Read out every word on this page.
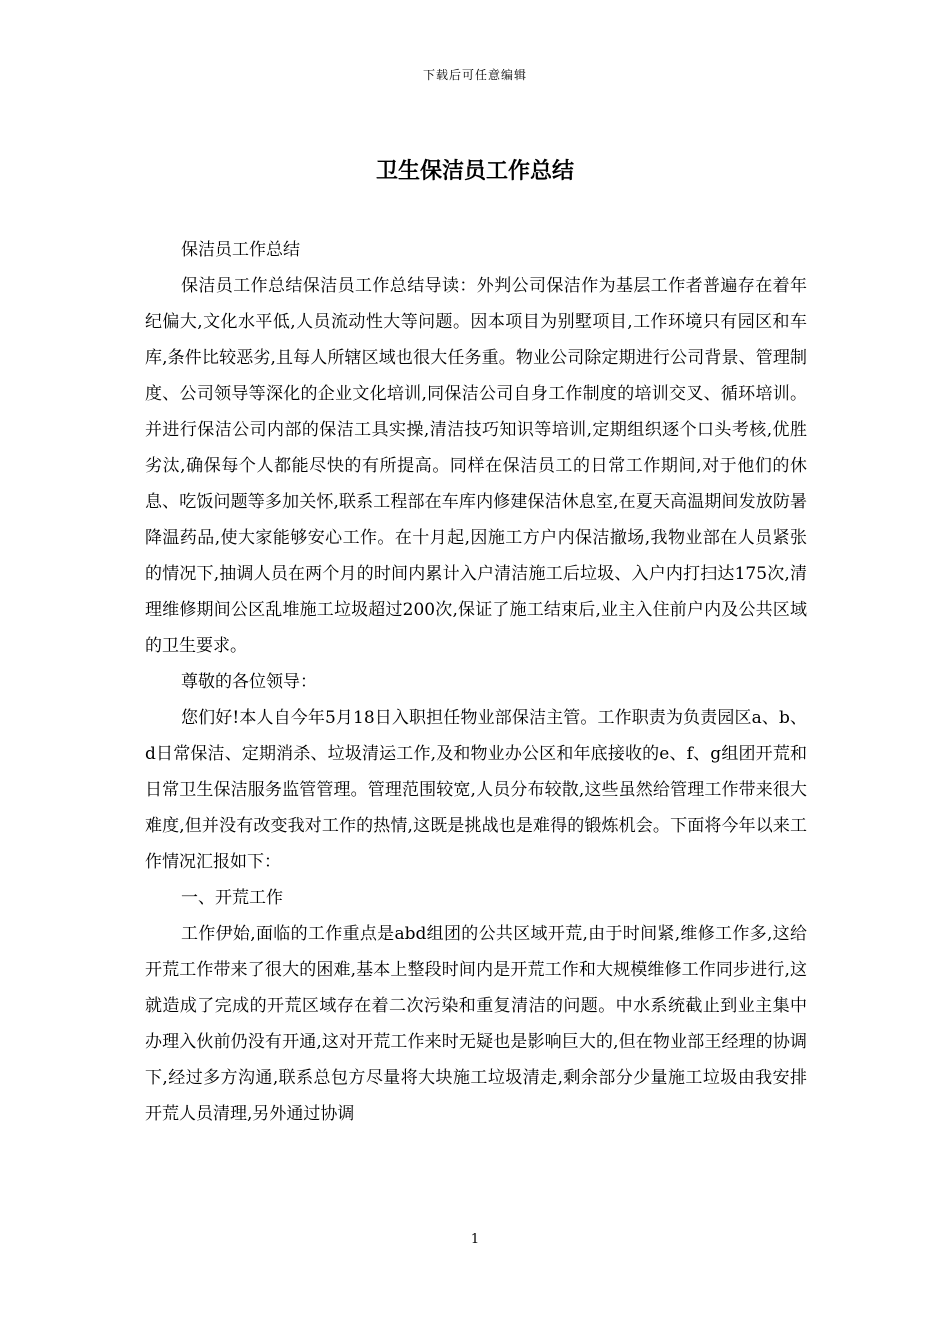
下载后可任意编辑
卫生保洁员工作总结

保洁员工作总结

保洁员工作总结保洁员工作总结导读：外判公司保洁作为基层工作者普遍存在着年纪偏大,文化水平低,人员流动性大等问题。因本项目为别墅项目,工作环境只有园区和车库,条件比较恶劣,且每人所辖区域也很大任务重。物业公司除定期进行公司背景、管理制度、公司领导等深化的企业文化培训,同保洁公司自身工作制度的培训交叉、循环培训。并进行保洁公司内部的保洁工具实操,清洁技巧知识等培训,定期组织逐个口头考核,优胜劣汰,确保每个人都能尽快的有所提高。同样在保洁员工的日常工作期间,对于他们的休息、吃饭问题等多加关怀,联系工程部在车库内修建保洁休息室,在夏天高温期间发放防暑降温药品,使大家能够安心工作。在十月起,因施工方户内保洁撤场,我物业部在人员紧张的情况下,抽调人员在两个月的时间内累计入户清洁施工后垃圾、入户内打扫达175次,清理维修期间公区乱堆施工垃圾超过200次,保证了施工结束后,业主入住前户内及公共区域的卫生要求。

尊敬的各位领导：

您们好!本人自今年5月18日入职担任物业部保洁主管。工作职责为负责园区a、b、d日常保洁、定期消杀、垃圾清运工作,及和物业办公区和年底接收的e、f、g组团开荒和日常卫生保洁服务监管管理。管理范围较宽,人员分布较散,这些虽然给管理工作带来很大难度,但并没有改变我对工作的热情,这既是挑战也是难得的锻炼机会。下面将今年以来工作情况汇报如下：

一、开荒工作

工作伊始,面临的工作重点是abd组团的公共区域开荒,由于时间紧,维修工作多,这给开荒工作带来了很大的困难,基本上整段时间内是开荒工作和大规模维修工作同步进行,这就造成了完成的开荒区域存在着二次污染和重复清洁的问题。中水系统截止到业主集中办理入伙前仍没有开通,这对开荒工作来时无疑也是影响巨大的,但在物业部王经理的协调下,经过多方沟通,联系总包方尽量将大块施工垃圾清走,剩余部分少量施工垃圾由我安排开荒人员清理,另外通过协调

1
